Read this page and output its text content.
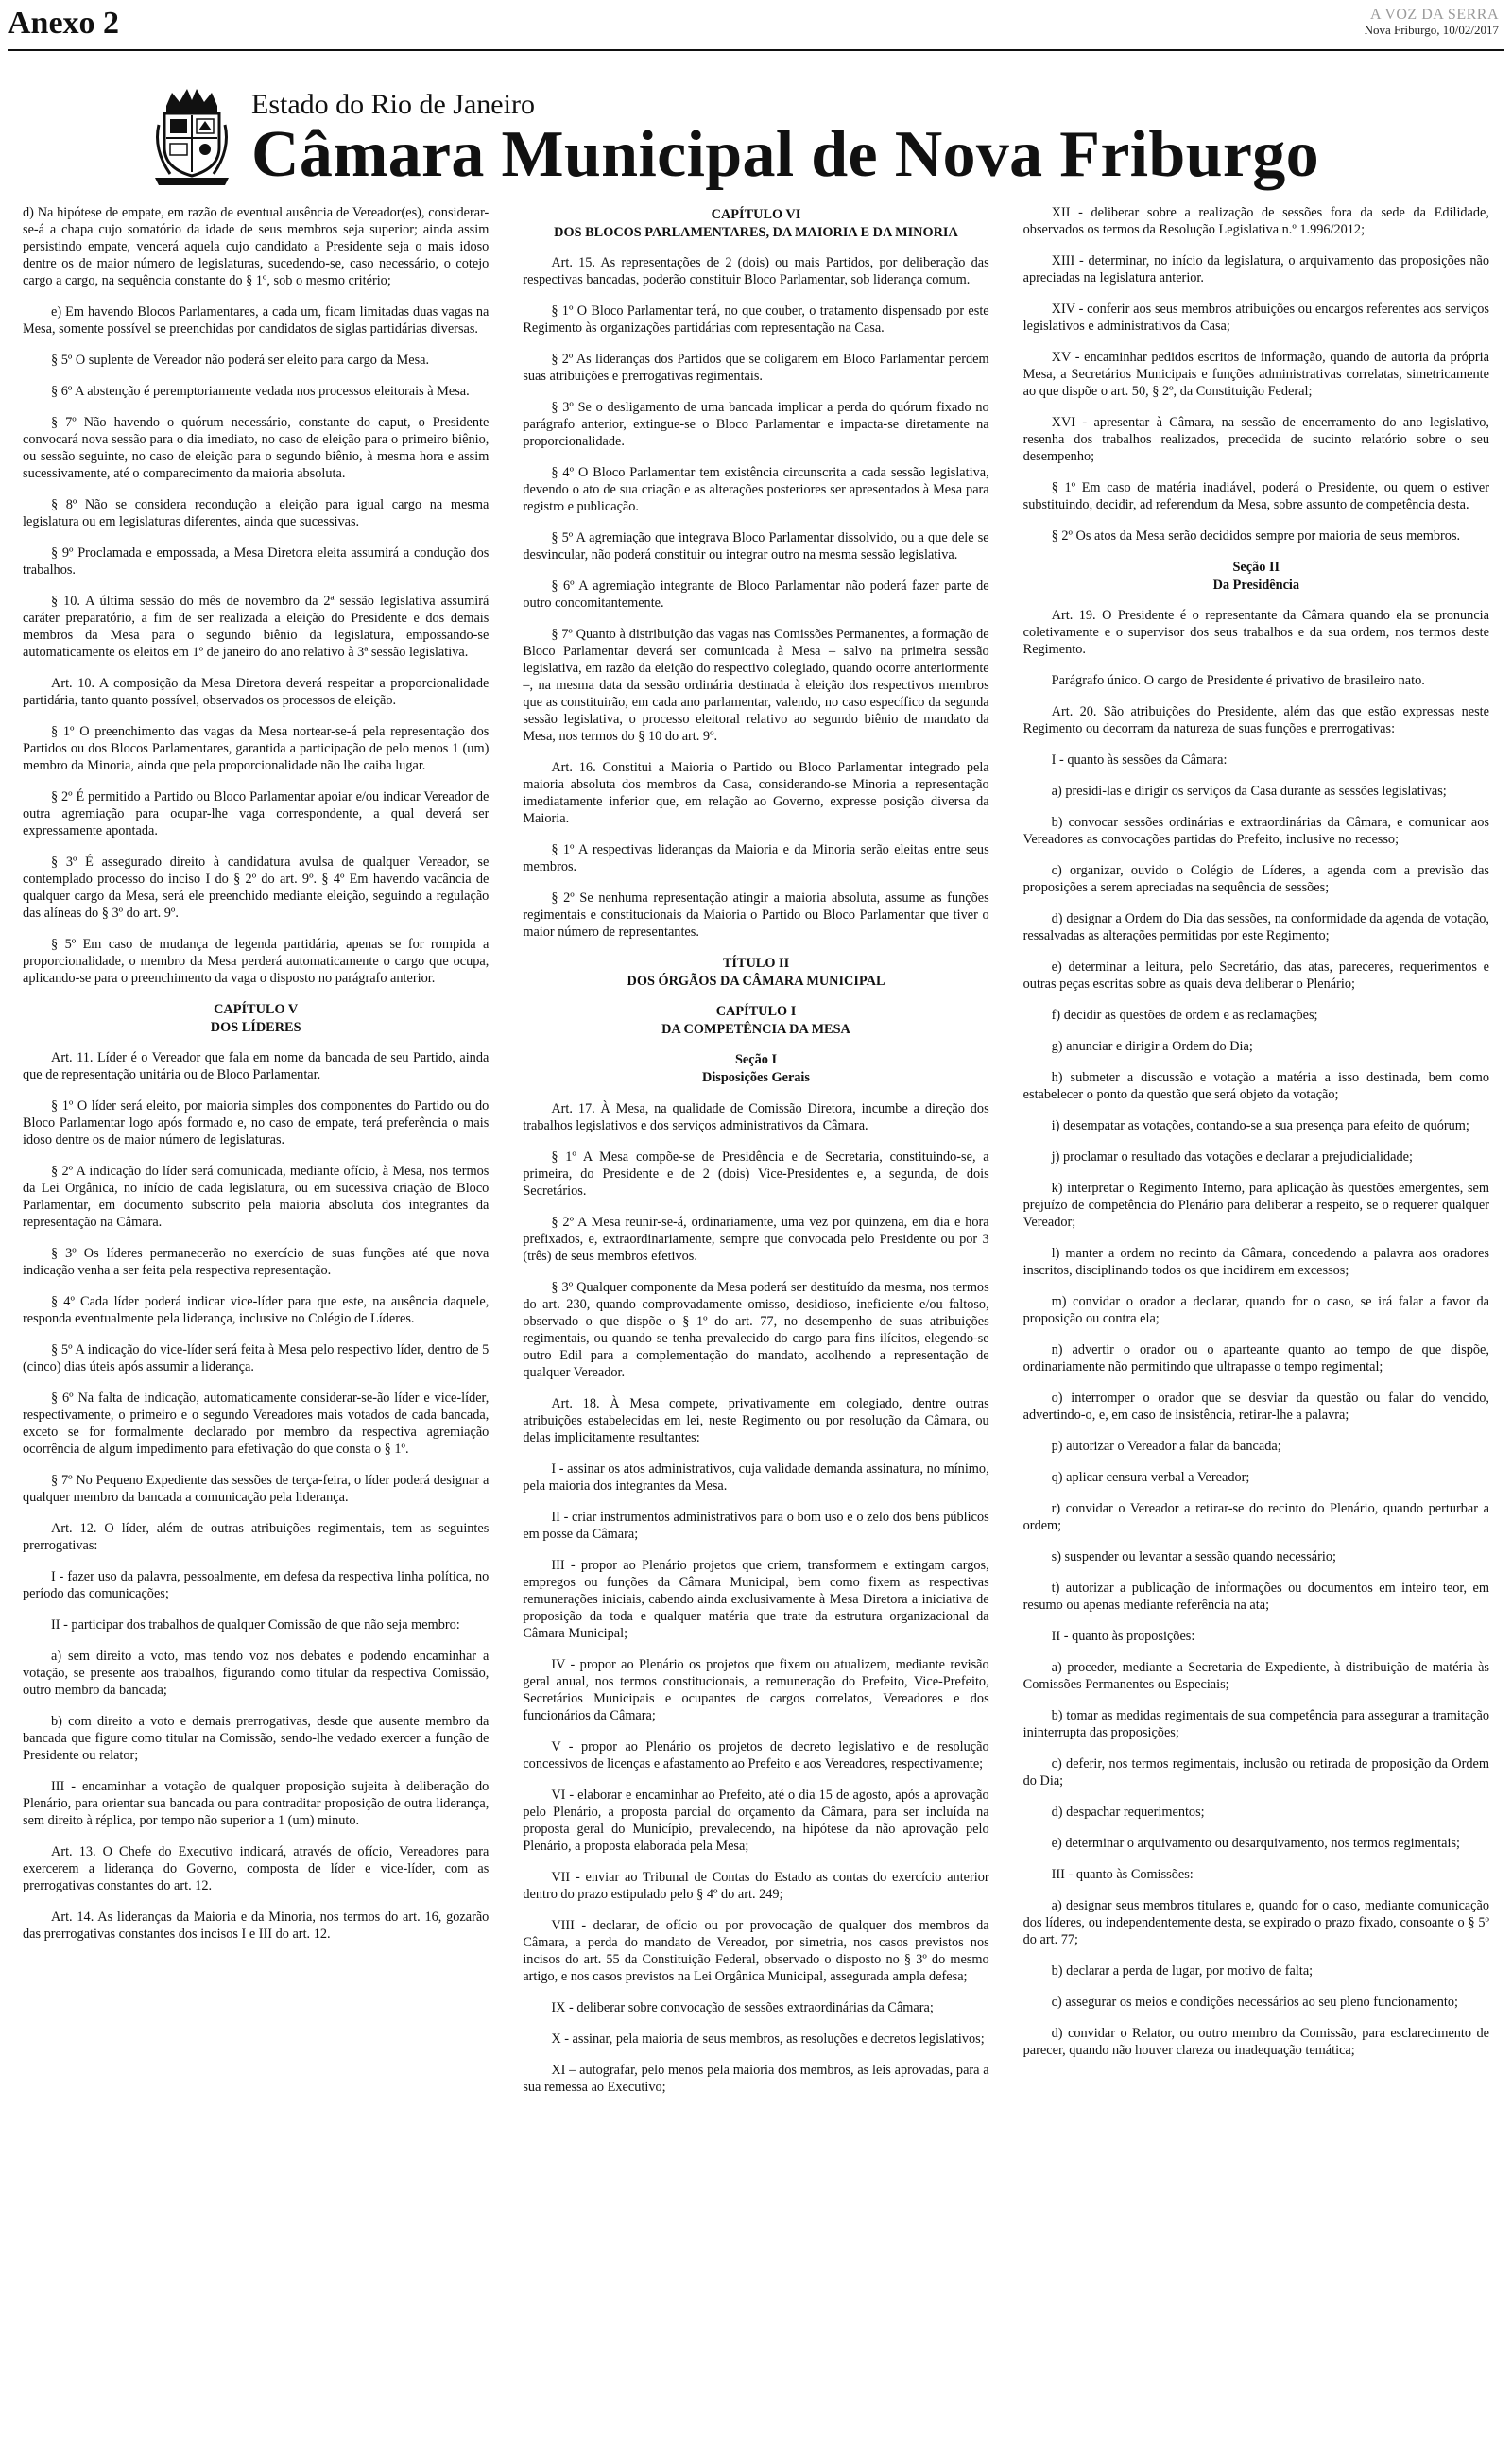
Anexo 2	A VOZ DA SERRA
Nova Friburgo, 10/02/2017
Estado do Rio de Janeiro
Câmara Municipal de Nova Friburgo

d) Na hipótese de empate, em razão de eventual ausência de Vereador(es), considerar-se-á a chapa cujo somatório da idade de seus membros seja superior; ainda assim persistindo empate, vencerá aquela cujo candidato a Presidente seja o mais idoso dentre os de maior número de legislaturas, sucedendo-se, caso necessário, o cotejo cargo a cargo, na sequência constante do § 1º, sob o mesmo critério;

e) Em havendo Blocos Parlamentares, a cada um, ficam limitadas duas vagas na Mesa, somente possível se preenchidas por candidatos de siglas partidárias diversas.

§ 5º O suplente de Vereador não poderá ser eleito para cargo da Mesa.

§ 6º A abstenção é peremptoriamente vedada nos processos eleitorais à Mesa.

§ 7º Não havendo o quórum necessário, constante do caput, o Presidente convocará nova sessão para o dia imediato, no caso de eleição para o primeiro biênio, ou sessão seguinte, no caso de eleição para o segundo biênio, à mesma hora e assim sucessivamente, até o comparecimento da maioria absoluta.

§ 8º Não se considera recondução a eleição para igual cargo na mesma legislatura ou em legislaturas diferentes, ainda que sucessivas.

§ 9º Proclamada e empossada, a Mesa Diretora eleita assumirá a condução dos trabalhos.

§ 10. A última sessão do mês de novembro da 2ª sessão legislativa assumirá caráter preparatório, a fim de ser realizada a eleição do Presidente e dos demais membros da Mesa para o segundo biênio da legislatura, empossando-se automaticamente os eleitos em 1º de janeiro do ano relativo à 3ª sessão legislativa.

Art. 10. A composição da Mesa Diretora deverá respeitar a proporcionalidade partidária, tanto quanto possível, observados os processos de eleição.

§ 1º O preenchimento das vagas da Mesa nortear-se-á pela representação dos Partidos ou dos Blocos Parlamentares, garantida a participação de pelo menos 1 (um) membro da Minoria, ainda que pela proporcionalidade não lhe caiba lugar.

§ 2º É permitido a Partido ou Bloco Parlamentar apoiar e/ou indicar Vereador de outra agremiação para ocupar-lhe vaga correspondente, a qual deverá ser expressamente apontada.

§ 3º É assegurado direito à candidatura avulsa de qualquer Vereador, se contemplado processo do inciso I do § 2º do art. 9º. § 4º Em havendo vacância de qualquer cargo da Mesa, será ele preenchido mediante eleição, seguindo a regulação das alíneas do § 3º do art. 9º.

§ 5º Em caso de mudança de legenda partidária, apenas se for rompida a proporcionalidade, o membro da Mesa perderá automaticamente o cargo que ocupa, aplicando-se para o preenchimento da vaga o disposto no parágrafo anterior.

CAPÍTULO V
DOS LÍDERES

Art. 11. Líder é o Vereador que fala em nome da bancada de seu Partido, ainda que de representação unitária ou de Bloco Parlamentar.

§ 1º O líder será eleito, por maioria simples dos componentes do Partido ou do Bloco Parlamentar logo após formado e, no caso de empate, terá preferência o mais idoso dentre os de maior número de legislaturas.

§ 2º A indicação do líder será comunicada, mediante ofício, à Mesa, nos termos da Lei Orgânica, no início de cada legislatura, ou em sucessiva criação de Bloco Parlamentar, em documento subscrito pela maioria absoluta dos integrantes da representação na Câmara.

§ 3º Os líderes permanecerão no exercício de suas funções até que nova indicação venha a ser feita pela respectiva representação.

§ 4º Cada líder poderá indicar vice-líder para que este, na ausência daquele, responda eventualmente pela liderança, inclusive no Colégio de Líderes.

§ 5º A indicação do vice-líder será feita à Mesa pelo respectivo líder, dentro de 5 (cinco) dias úteis após assumir a liderança.

§ 6º Na falta de indicação, automaticamente considerar-se-ão líder e vice-líder, respectivamente, o primeiro e o segundo Vereadores mais votados de cada bancada, exceto se for formalmente declarado por membro da respectiva agremiação ocorrência de algum impedimento para efetivação do que consta o § 1º.

§ 7º No Pequeno Expediente das sessões de terça-feira, o líder poderá designar a qualquer membro da bancada a comunicação pela liderança.

Art. 12. O líder, além de outras atribuições regimentais, tem as seguintes prerrogativas:

I - fazer uso da palavra, pessoalmente, em defesa da respectiva linha política, no período das comunicações;

II - participar dos trabalhos de qualquer Comissão de que não seja membro:

a) sem direito a voto, mas tendo voz nos debates e podendo encaminhar a votação, se presente aos trabalhos, figurando como titular da respectiva Comissão, outro membro da bancada;

b) com direito a voto e demais prerrogativas, desde que ausente membro da bancada que figure como titular na Comissão, sendo-lhe vedado exercer a função de Presidente ou relator;

III - encaminhar a votação de qualquer proposição sujeita à deliberação do Plenário, para orientar sua bancada ou para contraditar proposição de outra liderança, sem direito à réplica, por tempo não superior a 1 (um) minuto.

Art. 13. O Chefe do Executivo indicará, através de ofício, Vereadores para exercerem a liderança do Governo, composta de líder e vice-líder, com as prerrogativas constantes do art. 12.

Art. 14. As lideranças da Maioria e da Minoria, nos termos do art. 16, gozarão das prerrogativas constantes dos incisos I e III do art. 12.

CAPÍTULO VI
DOS BLOCOS PARLAMENTARES, DA MAIORIA E DA MINORIA

Art. 15. As representações de 2 (dois) ou mais Partidos, por deliberação das respectivas bancadas, poderão constituir Bloco Parlamentar, sob liderança comum.

§ 1º O Bloco Parlamentar terá, no que couber, o tratamento dispensado por este Regimento às organizações partidárias com representação na Casa.

§ 2º As lideranças dos Partidos que se coligarem em Bloco Parlamentar perdem suas atribuições e prerrogativas regimentais.

§ 3º Se o desligamento de uma bancada implicar a perda do quórum fixado no parágrafo anterior, extingue-se o Bloco Parlamentar e impacta-se diretamente na proporcionalidade.

§ 4º O Bloco Parlamentar tem existência circunscrita a cada sessão legislativa, devendo o ato de sua criação e as alterações posteriores ser apresentados à Mesa para registro e publicação.

§ 5º A agremiação que integrava Bloco Parlamentar dissolvido, ou a que dele se desvincular, não poderá constituir ou integrar outro na mesma sessão legislativa.

§ 6º A agremiação integrante de Bloco Parlamentar não poderá fazer parte de outro concomitantemente.

§ 7º Quanto à distribuição das vagas nas Comissões Permanentes, a formação de Bloco Parlamentar deverá ser comunicada à Mesa – salvo na primeira sessão legislativa, em razão da eleição do respectivo colegiado, quando ocorre anteriormente –, na mesma data da sessão ordinária destinada à eleição dos respectivos membros que as constituirão, em cada ano parlamentar, valendo, no caso específico da segunda sessão legislativa, o processo eleitoral relativo ao segundo biênio de mandato da Mesa, nos termos do § 10 do art. 9º.

Art. 16. Constitui a Maioria o Partido ou Bloco Parlamentar integrado pela maioria absoluta dos membros da Casa, considerando-se Minoria a representação imediatamente inferior que, em relação ao Governo, expresse posição diversa da Maioria.

§ 1º A respectivas lideranças da Maioria e da Minoria serão eleitas entre seus membros.

§ 2º Se nenhuma representação atingir a maioria absoluta, assume as funções regimentais e constitucionais da Maioria o Partido ou Bloco Parlamentar que tiver o maior número de representantes.

TÍTULO II
DOS ÓRGÃOS DA CÂMARA MUNICIPAL
CAPÍTULO I
DA COMPETÊNCIA DA MESA
Seção I
Disposições Gerais

Art. 17. À Mesa, na qualidade de Comissão Diretora, incumbe a direção dos trabalhos legislativos e dos serviços administrativos da Câmara.

§ 1º A Mesa compõe-se de Presidência e de Secretaria, constituindo-se, a primeira, do Presidente e de 2 (dois) Vice-Presidentes e, a segunda, de dois Secretários.

§ 2º A Mesa reunir-se-á, ordinariamente, uma vez por quinzena, em dia e hora prefixados, e, extraordinariamente, sempre que convocada pelo Presidente ou por 3 (três) de seus membros efetivos.

§ 3º Qualquer componente da Mesa poderá ser destituído da mesma, nos termos do art. 230, quando comprovadamente omisso, desidioso, ineficiente e/ou faltoso, observado o que dispõe o § 1º do art. 77, no desempenho de suas atribuições regimentais, ou quando se tenha prevalecido do cargo para fins ilícitos, elegendo-se outro Edil para a complementação do mandato, acolhendo a representação de qualquer Vereador.

Art. 18. À Mesa compete, privativamente em colegiado, dentre outras atribuições estabelecidas em lei, neste Regimento ou por resolução da Câmara, ou delas implicitamente resultantes:

I - assinar os atos administrativos, cuja validade demanda assinatura, no mínimo, pela maioria dos integrantes da Mesa.

II - criar instrumentos administrativos para o bom uso e o zelo dos bens públicos em posse da Câmara;

III - propor ao Plenário projetos que criem, transformem e extingam cargos, empregos ou funções da Câmara Municipal, bem como fixem as respectivas remunerações iniciais, cabendo ainda exclusivamente à Mesa Diretora a iniciativa de proposição da toda e qualquer matéria que trate da estrutura organizacional da Câmara Municipal;

IV - propor ao Plenário os projetos que fixem ou atualizem, mediante revisão geral anual, nos termos constitucionais, a remuneração do Prefeito, Vice-Prefeito, Secretários Municipais e ocupantes de cargos correlatos, Vereadores e dos funcionários da Câmara;

V - propor ao Plenário os projetos de decreto legislativo e de resolução concessivos de licenças e afastamento ao Prefeito e aos Vereadores, respectivamente;

VI - elaborar e encaminhar ao Prefeito, até o dia 15 de agosto, após a aprovação pelo Plenário, a proposta parcial do orçamento da Câmara, para ser incluída na proposta geral do Município, prevalecendo, na hipótese da não aprovação pelo Plenário, a proposta elaborada pela Mesa;

VII - enviar ao Tribunal de Contas do Estado as contas do exercício anterior dentro do prazo estipulado pelo § 4º do art. 249;

VIII - declarar, de ofício ou por provocação de qualquer dos membros da Câmara, a perda do mandato de Vereador, por simetria, nos casos previstos nos incisos do art. 55 da Constituição Federal, observado o disposto no § 3º do mesmo artigo, e nos casos previstos na Lei Orgânica Municipal, assegurada ampla defesa;

IX - deliberar sobre convocação de sessões extraordinárias da Câmara;

X - assinar, pela maioria de seus membros, as resoluções e decretos legislativos;

XI – autografar, pelo menos pela maioria dos membros, as leis aprovadas, para a sua remessa ao Executivo;

XII - deliberar sobre a realização de sessões fora da sede da Edilidade, observados os termos da Resolução Legislativa n.º 1.996/2012;

XIII - determinar, no início da legislatura, o arquivamento das proposições não apreciadas na legislatura anterior.

XIV - conferir aos seus membros atribuições ou encargos referentes aos serviços legislativos e administrativos da Casa;

XV - encaminhar pedidos escritos de informação, quando de autoria da própria Mesa, a Secretários Municipais e funções administrativas correlatas, simetricamente ao que dispõe o art. 50, § 2º, da Constituição Federal;

XVI - apresentar à Câmara, na sessão de encerramento do ano legislativo, resenha dos trabalhos realizados, precedida de sucinto relatório sobre o seu desempenho;

§ 1º Em caso de matéria inadiável, poderá o Presidente, ou quem o estiver substituindo, decidir, ad referendum da Mesa, sobre assunto de competência desta.

§ 2º Os atos da Mesa serão decididos sempre por maioria de seus membros.

Seção II
Da Presidência

Art. 19. O Presidente é o representante da Câmara quando ela se pronuncia coletivamente e o supervisor dos seus trabalhos e da sua ordem, nos termos deste Regimento.

Parágrafo único. O cargo de Presidente é privativo de brasileiro nato.

Art. 20. São atribuições do Presidente, além das que estão expressas neste Regimento ou decorram da natureza de suas funções e prerrogativas:

I - quanto às sessões da Câmara:

a) presidi-las e dirigir os serviços da Casa durante as sessões legislativas;

b) convocar sessões ordinárias e extraordinárias da Câmara, e comunicar aos Vereadores as convocações partidas do Prefeito, inclusive no recesso;

c) organizar, ouvido o Colégio de Líderes, a agenda com a previsão das proposições a serem apreciadas na sequência de sessões;

d) designar a Ordem do Dia das sessões, na conformidade da agenda de votação, ressalvadas as alterações permitidas por este Regimento;

e) determinar a leitura, pelo Secretário, das atas, pareceres, requerimentos e outras peças escritas sobre as quais deva deliberar o Plenário;

f) decidir as questões de ordem e as reclamações;

g) anunciar e dirigir a Ordem do Dia;

h) submeter a discussão e votação a matéria a isso destinada, bem como estabelecer o ponto da questão que será objeto da votação;

i) desempatar as votações, contando-se a sua presença para efeito de quórum;

j) proclamar o resultado das votações e declarar a prejudicialidade;

k) interpretar o Regimento Interno, para aplicação às questões emergentes, sem prejuízo de competência do Plenário para deliberar a respeito, se o requerer qualquer Vereador;

l) manter a ordem no recinto da Câmara, concedendo a palavra aos oradores inscritos, disciplinando todos os que incidirem em excessos;

m) convidar o orador a declarar, quando for o caso, se irá falar a favor da proposição ou contra ela;

n) advertir o orador ou o aparteante quanto ao tempo de que dispõe, ordinariamente não permitindo que ultrapasse o tempo regimental;

o) interromper o orador que se desviar da questão ou falar do vencido, advertindo-o, e, em caso de insistência, retirar-lhe a palavra;

p) autorizar o Vereador a falar da bancada;

q) aplicar censura verbal a Vereador;

r) convidar o Vereador a retirar-se do recinto do Plenário, quando perturbar a ordem;

s) suspender ou levantar a sessão quando necessário;

t) autorizar a publicação de informações ou documentos em inteiro teor, em resumo ou apenas mediante referência na ata;

II - quanto às proposições:

a) proceder, mediante a Secretaria de Expediente, à distribuição de matéria às Comissões Permanentes ou Especiais;

b) tomar as medidas regimentais de sua competência para assegurar a tramitação ininterrupta das proposições;

c) deferir, nos termos regimentais, inclusão ou retirada de proposição da Ordem do Dia;

d) despachar requerimentos;

e) determinar o arquivamento ou desarquivamento, nos termos regimentais;

III - quanto às Comissões:

a) designar seus membros titulares e, quando for o caso, mediante comunicação dos líderes, ou independentemente desta, se expirado o prazo fixado, consoante o § 5º do art. 77;

b) declarar a perda de lugar, por motivo de falta;

c) assegurar os meios e condições necessários ao seu pleno funcionamento;

d) convidar o Relator, ou outro membro da Comissão, para esclarecimento de parecer, quando não houver clareza ou inadequação temática;
